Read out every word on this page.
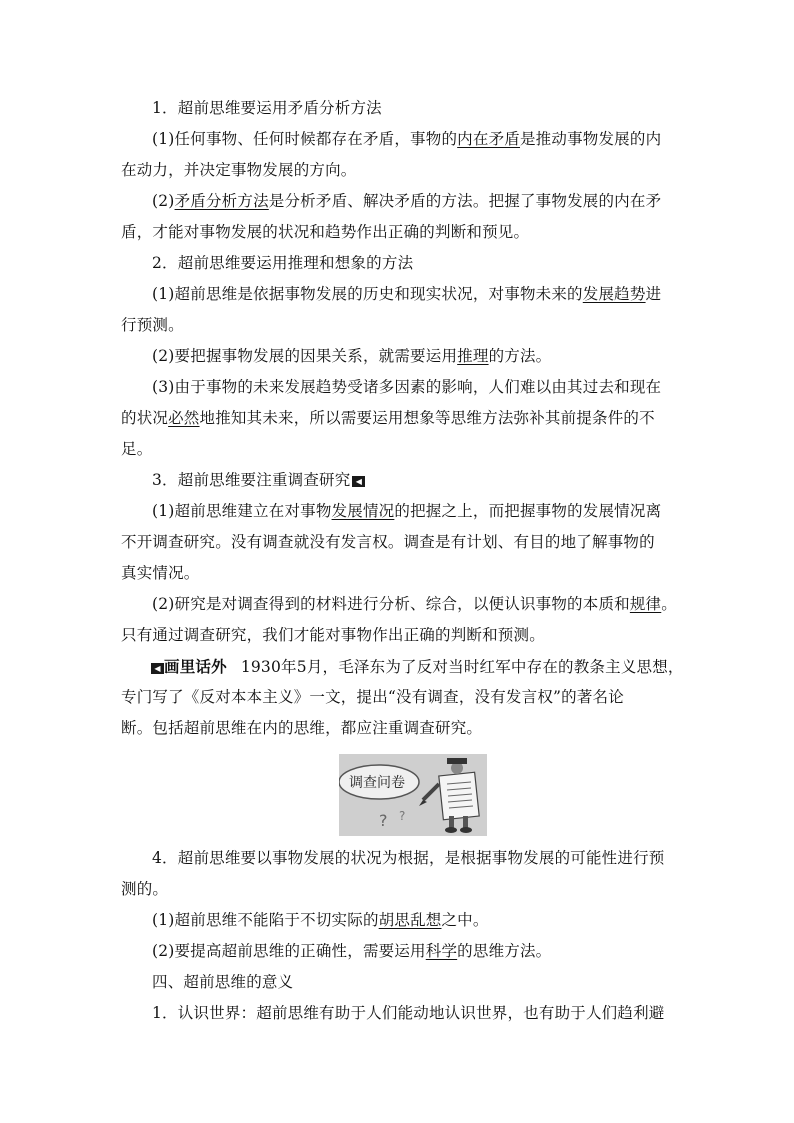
1．超前思维要运用矛盾分析方法
(1)任何事物、任何时候都存在矛盾，事物的内在矛盾是推动事物发展的内
在动力，并决定事物发展的方向。
(2)矛盾分析方法是分析矛盾、解决矛盾的方法。把握了事物发展的内在矛
盾，才能对事物发展的状况和趋势作出正确的判断和预见。
2．超前思维要运用推理和想象的方法
(1)超前思维是依据事物发展的历史和现实状况，对事物未来的发展趋势进
行预测。
(2)要把握事物发展的因果关系，就需要运用推理的方法。
(3)由于事物的未来发展趋势受诸多因素的影响，人们难以由其过去和现在
的状况必然地推知其未来，所以需要运用想象等思维方法弥补其前提条件的不
足。
3．超前思维要注重调查研究 ◀
(1)超前思维建立在对事物发展情况的把握之上，而把握事物的发展情况离
不开调查研究。没有调查就没有发言权。调查是有计划、有目的地了解事物的
真实情况。
(2)研究是对调查得到的材料进行分析、综合，以便认识事物的本质和规律。
只有通过调查研究，我们才能对事物作出正确的判断和预测。
◀ 画里话外 1930年5月，毛泽东为了反对当时红军中存在的教条主义思想，
专门写了《反对本本主义》一文，提出“没有调查，没有发言权”的著名论
断。包括超前思维在内的思维，都应注重调查研究。
调查问卷
? ?
4．超前思维要以事物发展的状况为根据，是根据事物发展的可能性进行预
测的。
(1)超前思维不能陷于不切实际的胡思乱想之中。
(2)要提高超前思维的正确性，需要运用科学的思维方法。
四、超前思维的意义
1．认识世界：超前思维有助于人们能动地认识世界，也有助于人们趋利避
